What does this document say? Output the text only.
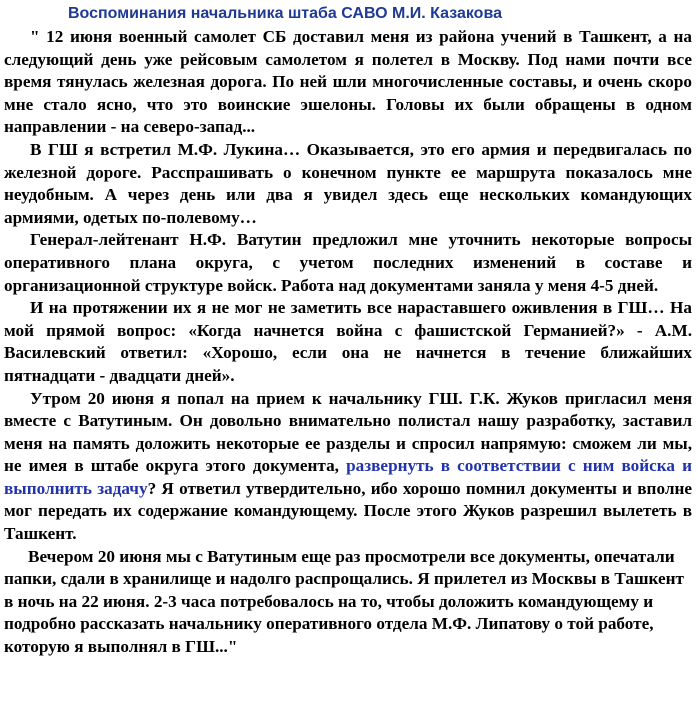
Воспоминания начальника штаба САВО М.И. Казакова

" 12 июня военный самолет СБ доставил меня из района учений в Ташкент, а на следующий день уже рейсовым самолетом я полетел в Москву. Под нами почти все время тянулась железная дорога. По ней шли многочисленные составы, и очень скоро мне стало ясно, что это воинские эшелоны. Головы их были обращены в одном направлении - на северо-запад...

В ГШ я встретил М.Ф. Лукина… Оказывается, это его армия и передвигалась по железной дороге. Расспрашивать о конечном пункте ее маршрута показалось мне неудобным. А через день или два я увидел здесь еще нескольких командующих армиями, одетых по-полевому…

Генерал-лейтенант Н.Ф. Ватутин предложил мне уточнить некоторые вопросы оперативного плана округа, с учетом последних изменений в составе и организационной структуре войск. Работа над документами заняла у меня 4-5 дней.

И на протяжении их я не мог не заметить все нараставшего оживления в ГШ… На мой прямой вопрос: «Когда начнется война с фашистской Германией?» - А.М. Василевский ответил: «Хорошо, если она не начнется в течение ближайших пятнадцати - двадцати дней».

Утром 20 июня я попал на прием к начальнику ГШ. Г.К. Жуков пригласил меня вместе с Ватутиным. Он довольно внимательно полистал нашу разработку, заставил меня на память доложить некоторые ее разделы и спросил напрямую: сможем ли мы, не имея в штабе округа этого документа, развернуть в соответствии с ним войска и выполнить задачу? Я ответил утвердительно, ибо хорошо помнил документы и вполне мог передать их содержание командующему. После этого Жуков разрешил вылететь в Ташкент.

Вечером 20 июня мы с Ватутиным еще раз просмотрели все документы, опечатали папки, сдали в хранилище и надолго распрощались. Я прилетел из Москвы в Ташкент в ночь на 22 июня. 2-3 часа потребовалось на то, чтобы доложить командующему и подробно рассказать начальнику оперативного отдела М.Ф. Липатову о той работе, которую я выполнял в ГШ..."
